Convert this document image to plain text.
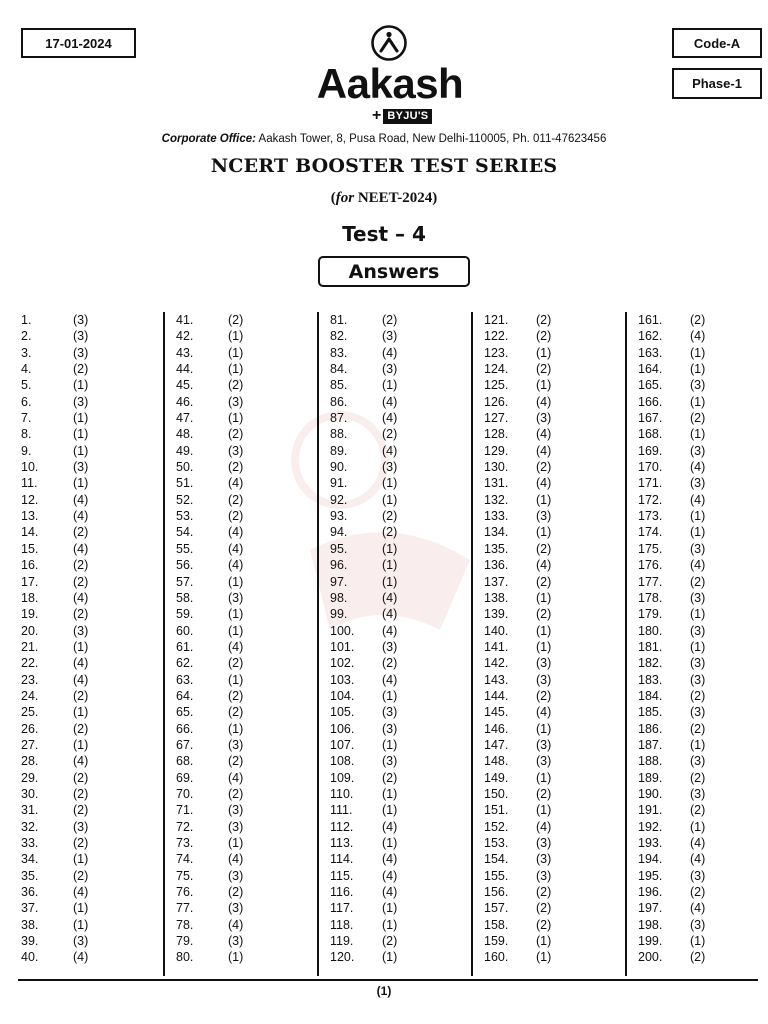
17-01-2024	Code-A
Phase-1
Aakash
+ BYJU'S
Corporate Office: Aakash Tower, 8, Pusa Road, New Delhi-110005, Ph. 011-47623456
NCERT BOOSTER TEST SERIES
(for NEET-2024)
Test – 4
Answers
1.	(3)
2.	(3)
3.	(3)
4.	(2)
5.	(1)
6.	(3)
7.	(1)
8.	(1)
9.	(1)
10.	(3)
11.	(1)
12.	(4)
13.	(4)
14.	(2)
15.	(4)
16.	(2)
17.	(2)
18.	(4)
19.	(2)
20.	(3)
21.	(1)
22.	(4)
23.	(4)
24.	(2)
25.	(1)
26.	(2)
27.	(1)
28.	(4)
29.	(2)
30.	(2)
31.	(2)
32.	(3)
33.	(2)
34.	(1)
35.	(2)
36.	(4)
37.	(1)
38.	(1)
39.	(3)
40.	(4)
41.	(2)
42.	(1)
43.	(1)
44.	(1)
45.	(2)
46.	(3)
47.	(1)
48.	(2)
49.	(3)
50.	(2)
51.	(4)
52.	(2)
53.	(2)
54.	(4)
55.	(4)
56.	(4)
57.	(1)
58.	(3)
59.	(1)
60.	(1)
61.	(4)
62.	(2)
63.	(1)
64.	(2)
65.	(2)
66.	(1)
67.	(3)
68.	(2)
69.	(4)
70.	(2)
71.	(3)
72.	(3)
73.	(1)
74.	(4)
75.	(3)
76.	(2)
77.	(3)
78.	(4)
79.	(3)
80.	(1)
81.	(2)
82.	(3)
83.	(4)
84.	(3)
85.	(1)
86.	(4)
87.	(4)
88.	(2)
89.	(4)
90.	(3)
91.	(1)
92.	(1)
93.	(2)
94.	(2)
95.	(1)
96.	(1)
97.	(1)
98.	(4)
99.	(4)
100. (4)
101. (3)
102. (2)
103. (4)
104. (1)
105. (3)
106. (3)
107. (1)
108. (3)
109. (2)
110. (1)
111. (1)
112. (4)
113. (1)
114. (4)
115. (4)
116. (4)
117. (1)
118. (1)
119. (2)
120. (1)
121. (2)
122. (2)
123. (1)
124. (2)
125. (1)
126. (4)
127. (3)
128. (4)
129. (4)
130. (2)
131. (4)
132. (1)
133. (3)
134. (1)
135. (2)
136. (4)
137. (2)
138. (1)
139. (2)
140. (1)
141. (1)
142. (3)
143. (3)
144. (2)
145. (4)
146. (1)
147. (3)
148. (3)
149. (1)
150. (2)
151. (1)
152. (4)
153. (3)
154. (3)
155. (3)
156. (2)
157. (2)
158. (2)
159. (1)
160. (1)
161. (2)
162. (4)
163. (1)
164. (1)
165. (3)
166. (1)
167. (2)
168. (1)
169. (3)
170. (4)
171. (3)
172. (4)
173. (1)
174. (1)
175. (3)
176. (4)
177. (2)
178. (3)
179. (1)
180. (3)
181. (1)
182. (3)
183. (3)
184. (2)
185. (3)
186. (2)
187. (1)
188. (3)
189. (2)
190. (3)
191. (2)
192. (1)
193. (4)
194. (4)
195. (3)
196. (2)
197. (4)
198. (3)
199. (1)
200. (2)
(1)
